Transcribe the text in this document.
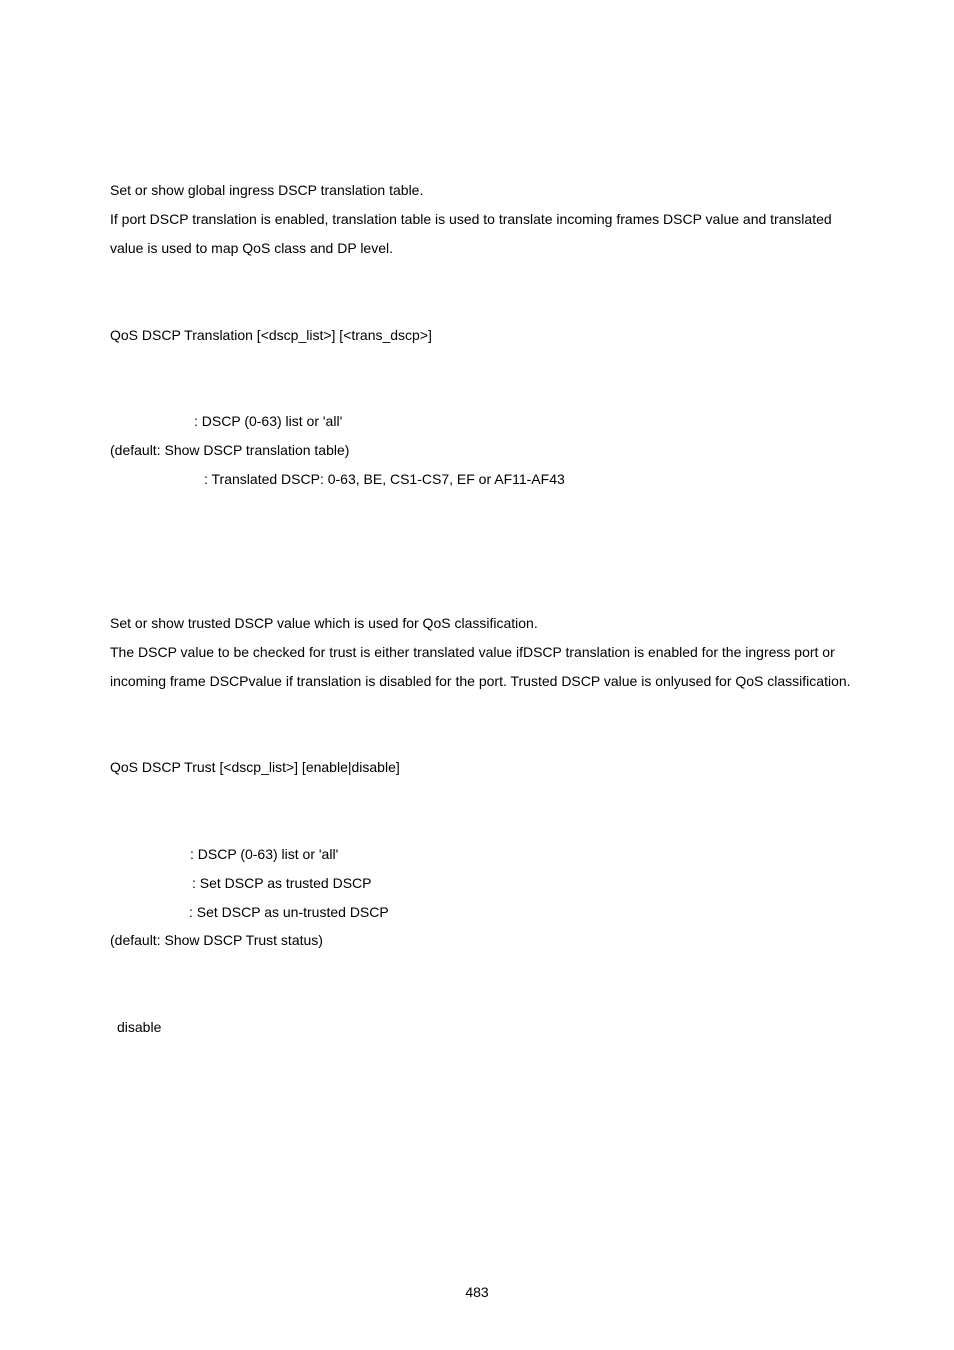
Set or show global ingress DSCP translation table.
If port DSCP translation is enabled, translation table is used to translate incoming frames DSCP value and translated
value is used to map QoS class and DP level.
QoS DSCP Translation [<dscp_list>] [<trans_dscp>]
: DSCP (0-63) list or 'all'
(default: Show DSCP translation table)
: Translated DSCP: 0-63, BE, CS1-CS7, EF or AF11-AF43
Set or show trusted DSCP value which is used for QoS classification.
The DSCP value to be checked for trust is either translated value ifDSCP translation is enabled for the ingress port or
incoming frame DSCPvalue if translation is disabled for the port. Trusted DSCP value is onlyused for QoS classification.
QoS DSCP Trust [<dscp_list>] [enable|disable]
: DSCP (0-63) list or 'all'
: Set DSCP as trusted DSCP
: Set DSCP as un-trusted DSCP
(default: Show DSCP Trust status)
disable
483
